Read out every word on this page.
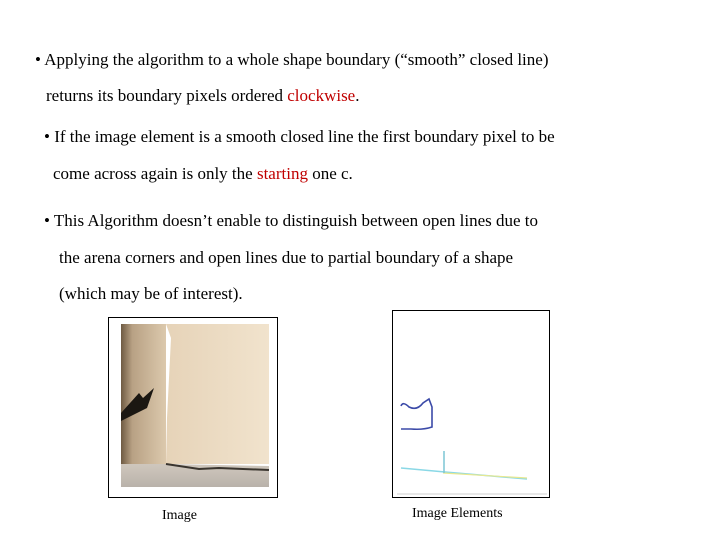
• Applying the algorithm to a whole shape boundary (“smooth” closed line)
returns its boundary pixels ordered clockwise.
• If the image element is a smooth closed line the first boundary pixel to be
come across again is only the starting one c.
• This Algorithm doesn’t enable to distinguish between open lines due to
the arena corners and open lines due to partial boundary of a shape
(which may be of interest).
Image	Image Elements
